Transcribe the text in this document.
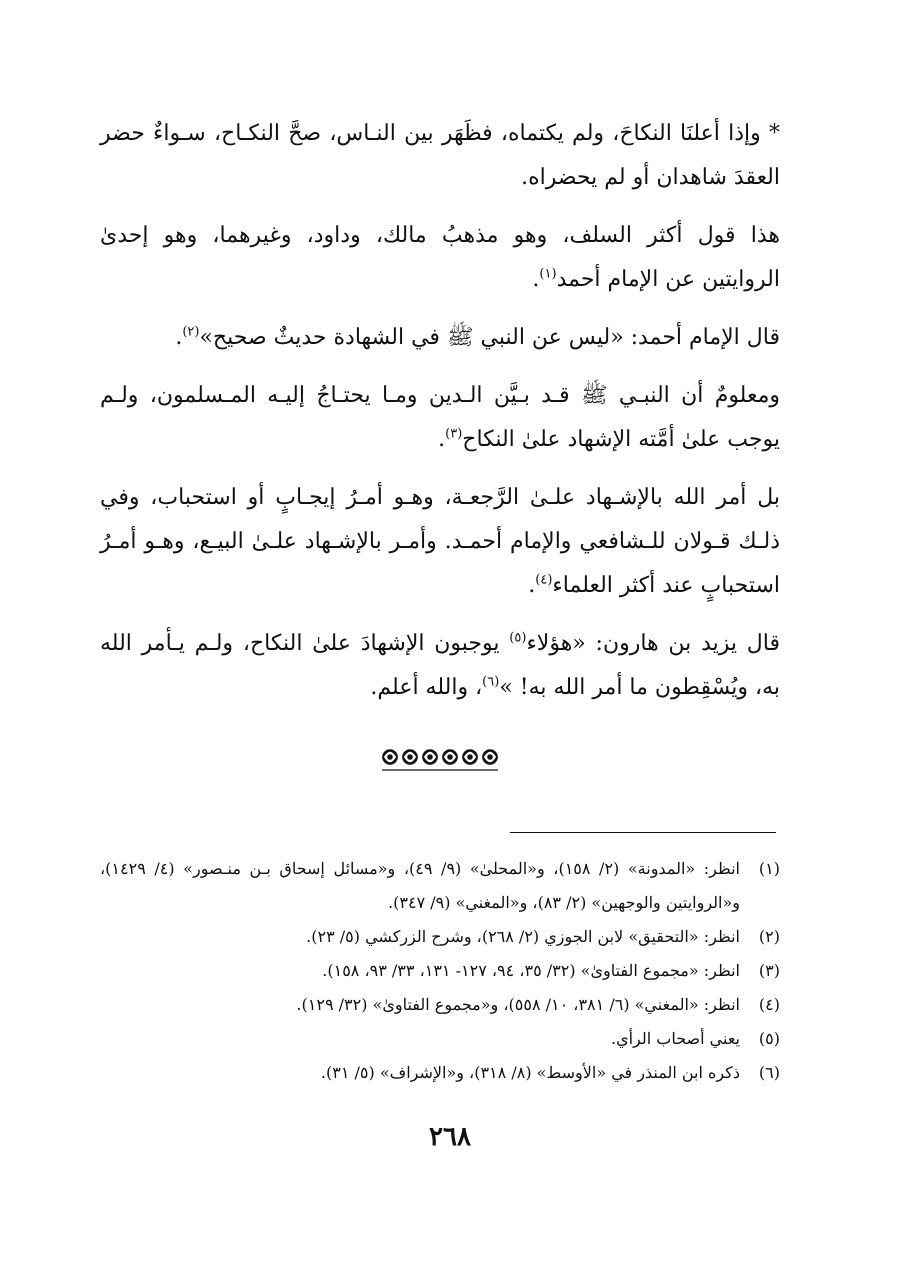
* وإذا أعلنَا النكاحَ، ولم يكتماه، فظَهَر بين النـاس، صحَّ النكـاح، سـواءٌ حضر العقدَ شاهدان أو لم يحضراه.

هذا قول أكثر السلف، وهو مذهبُ مالك، وداود، وغيرهما، وهو إحدىٰ الروايتين عن الإمام أحمد$^{(١)}$.

قال الإمام أحمد: «ليس عن النبي ﷺ في الشهادة حديثٌ صحيح»$^{(٢)}$.

ومعلومٌ أن النبـي ﷺ قـد بـيَّن الـدين ومـا يحتـاجُ إليـه المـسلمون، ولـم يوجب علىٰ أمَّته الإشهاد علىٰ النكاح$^{(٣)}$.

بل أمر الله بالإشـهاد علـىٰ الرَّجعـة، وهـو أمـرُ إيجـابٍ أو استحباب، وفي ذلـك قـولان للـشافعي والإمام أحمـد. وأمـر بالإشـهاد علـىٰ البيـع، وهـو أمـرُ استحبابٍ عند أكثر العلماء$^{(٤)}$.

قال يزيد بن هارون: «هؤلاء$^{(٥)}$ يوجبون الإشهادَ علىٰ النكاح، ولـم يـأمر الله به، ويُسْقِطون ما أمر الله به! »$^{(٦)}$، والله أعلم.

(١)
انظر: «المدونة» (٢/ ١٥٨)، و«المحلىٰ» (٩/ ٤٩)، و«مسائل إسحاق بـن منـصور» (٤/ ١٤٢٩)، و«الروايتين والوجهين» (٢/ ٨٣)، و«المغني» (٩/ ٣٤٧).
(٢)
انظر: «التحقيق» لابن الجوزي (٢/ ٢٦٨)، وشرح الزركشي (٥/ ٢٣).
(٣)
انظر: «مجموع الفتاوىٰ» (٣٢/ ٣٥، ٩٤، ١٢٧- ١٣١، ٣٣/ ٩٣، ١٥٨).
(٤)
انظر: «المغني» (٦/ ٣٨١، ١٠/ ٥٥٨)، و«مجموع الفتاوىٰ» (٣٢/ ١٢٩).
(٥)
يعني أصحاب الرأي.
(٦)
ذكره ابن المنذر في «الأوسط» (٨/ ٣١٨)، و«الإشراف» (٥/ ٣١).
٢٦٨
